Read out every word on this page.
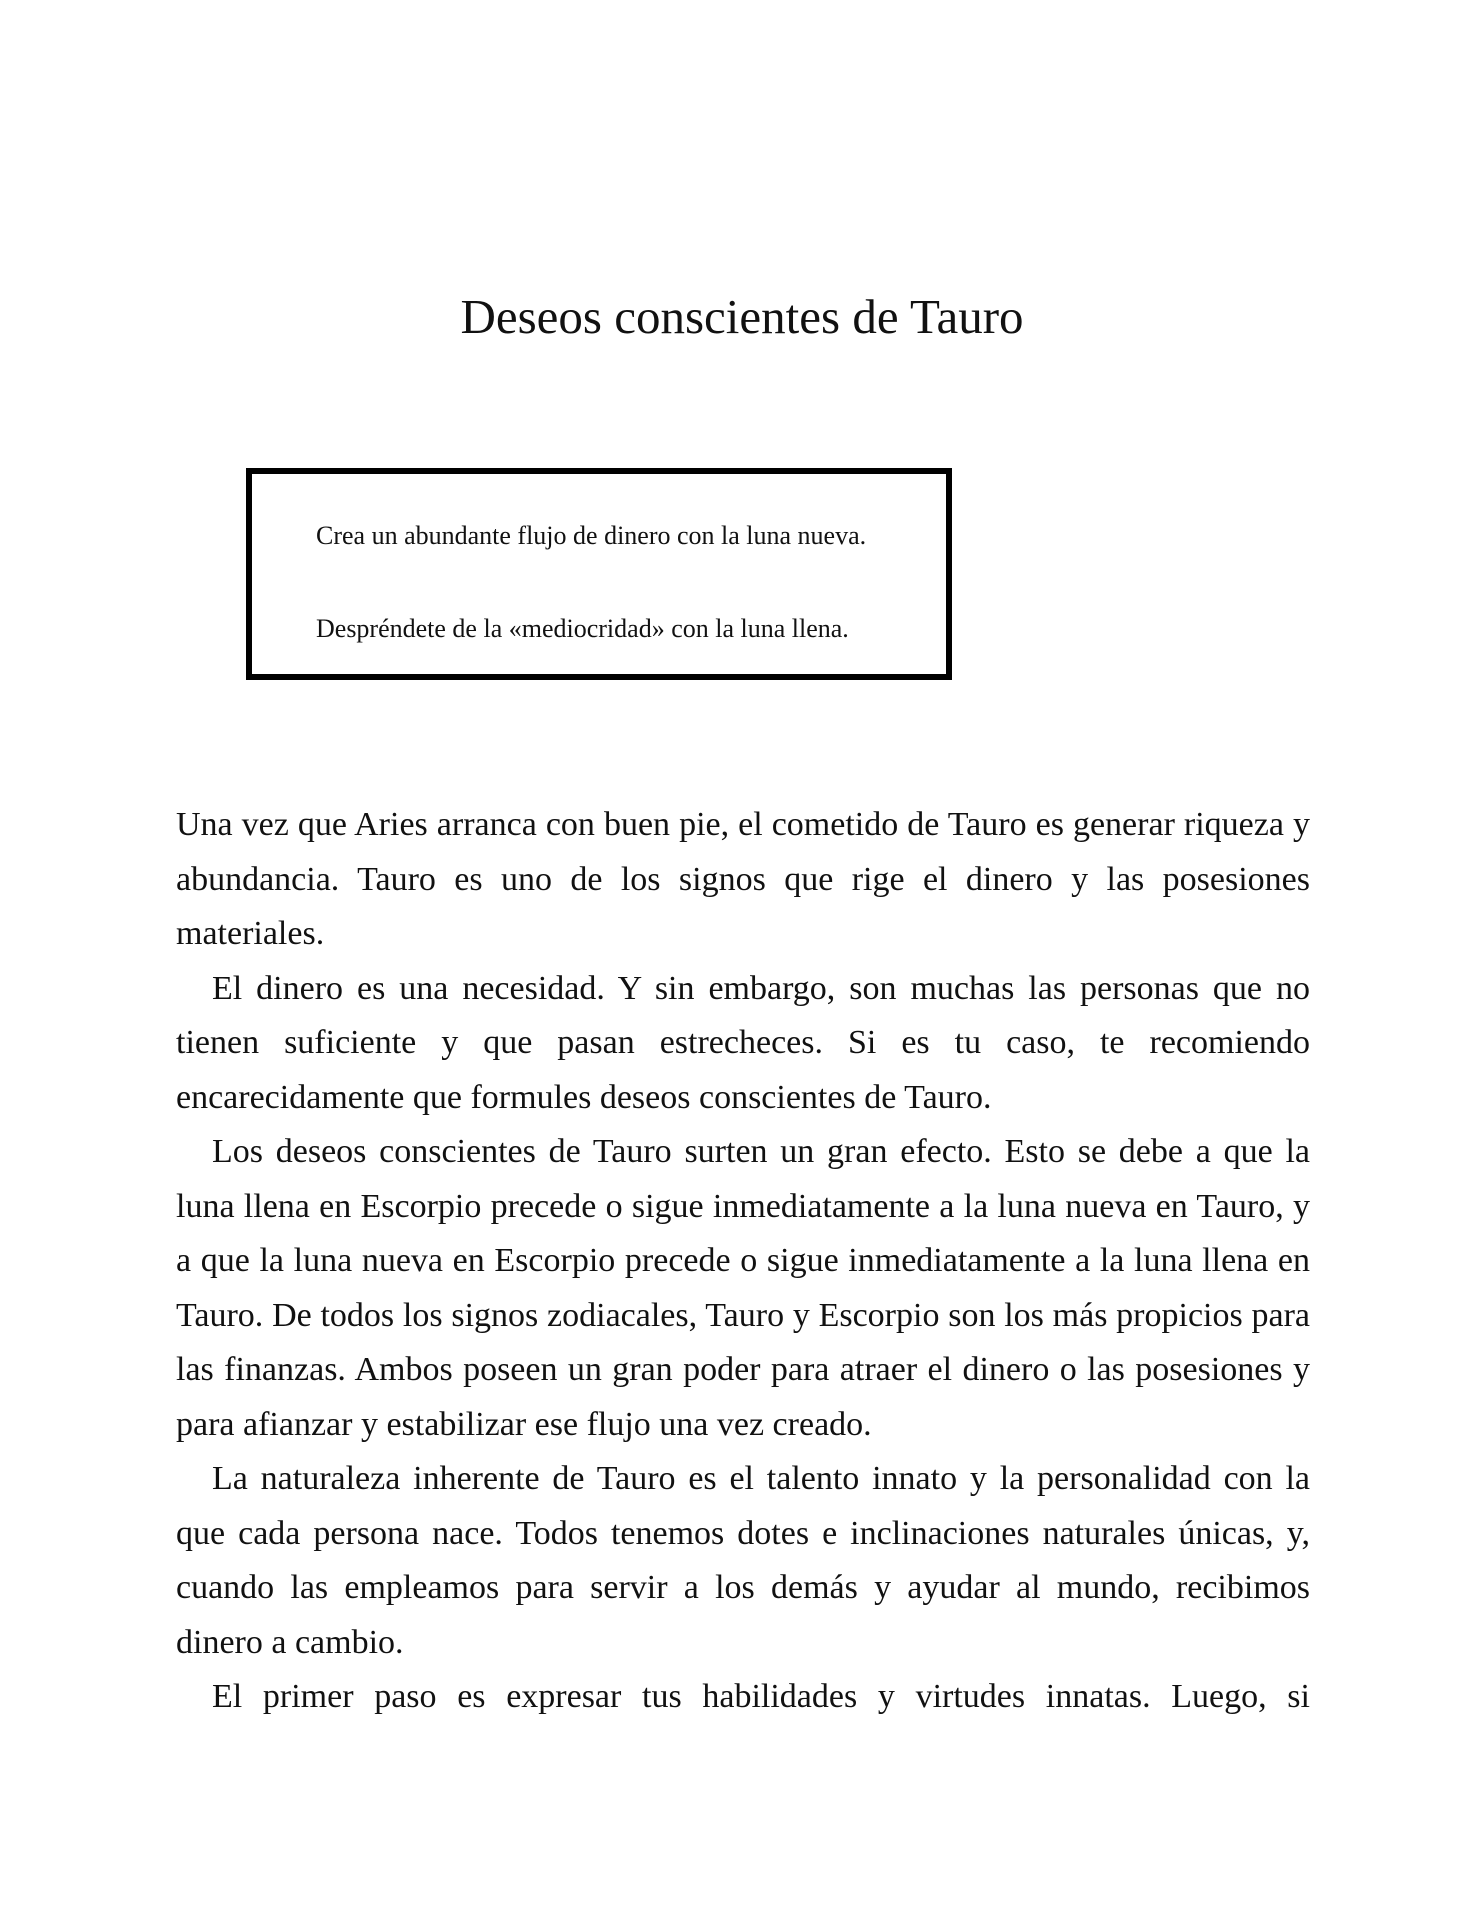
Deseos conscientes de Tauro
Crea un abundante flujo de dinero con la luna nueva.
Despréndete de la «mediocridad» con la luna llena.

Una vez que Aries arranca con buen pie, el cometido de Tauro es generar riqueza y abundancia. Tauro es uno de los signos que rige el dinero y las posesiones materiales.

El dinero es una necesidad. Y sin embargo, son muchas las personas que no tienen suficiente y que pasan estrecheces. Si es tu caso, te recomiendo encarecidamente que formules deseos conscientes de Tauro.

Los deseos conscientes de Tauro surten un gran efecto. Esto se debe a que la luna llena en Escorpio precede o sigue inmediatamente a la luna nueva en Tauro, y a que la luna nueva en Escorpio precede o sigue inmediatamente a la luna llena en Tauro. De todos los signos zodiacales, Tauro y Escorpio son los más propicios para las finanzas. Ambos poseen un gran poder para atraer el dinero o las posesiones y para afianzar y estabilizar ese flujo una vez creado.

La naturaleza inherente de Tauro es el talento innato y la personalidad con la que cada persona nace. Todos tenemos dotes e inclinaciones naturales únicas, y, cuando las empleamos para servir a los demás y ayudar al mundo, recibimos dinero a cambio.

El primer paso es expresar tus habilidades y virtudes innatas. Luego, si
